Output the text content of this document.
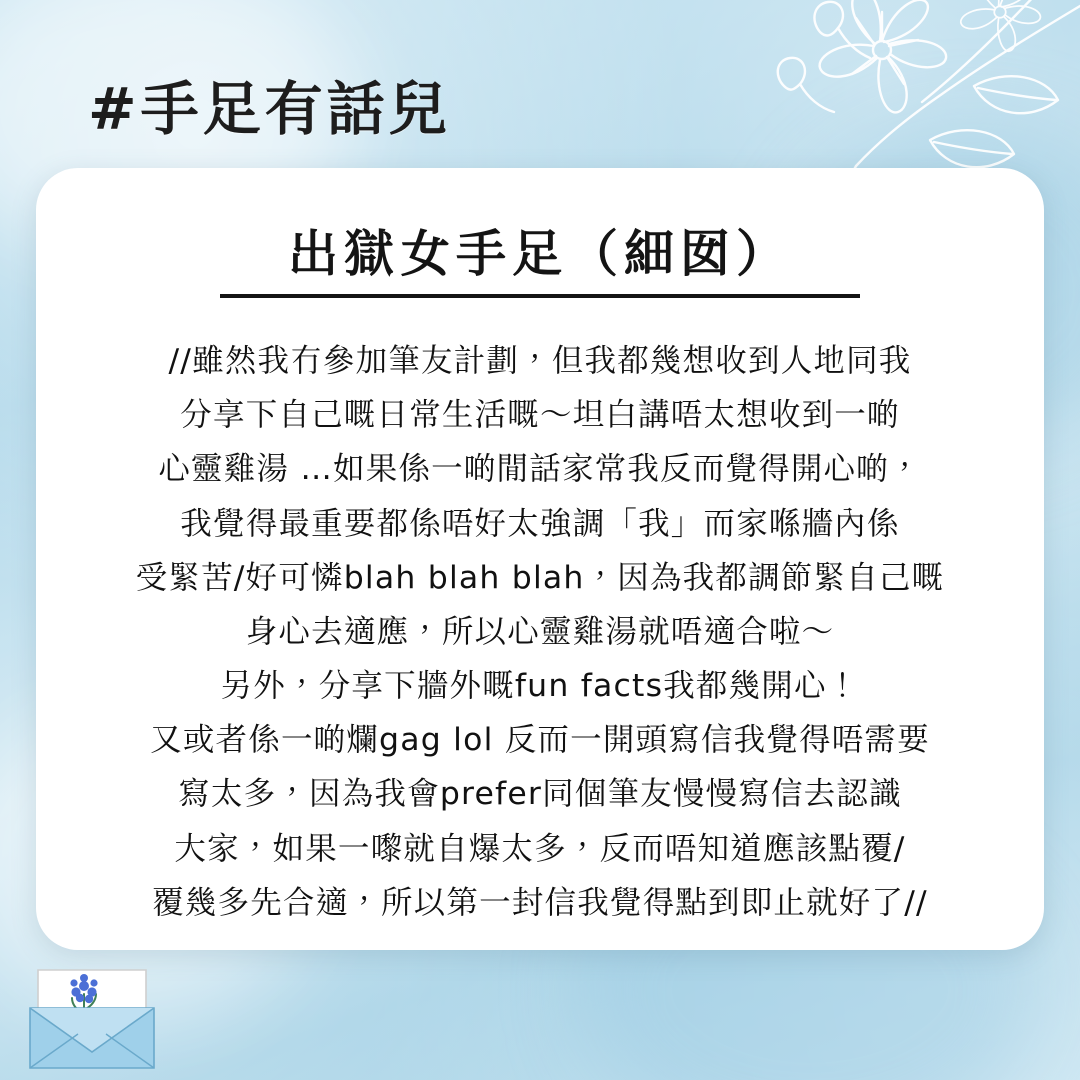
#手足有話兒
出獄女手足（細囡）

//雖然我冇參加筆友計劃，但我都幾想收到人地同我

分享下自己嘅日常生活嘅～坦白講唔太想收到一啲

心靈雞湯 …如果係一啲閒話家常我反而覺得開心啲，

我覺得最重要都係唔好太強調「我」而家喺牆內係

受緊苦/好可憐blah blah blah，因為我都調節緊自己嘅

身心去適應，所以心靈雞湯就唔適合啦～

另外，分享下牆外嘅fun facts我都幾開心！

又或者係一啲爛gag lol 反而一開頭寫信我覺得唔需要

寫太多，因為我會prefer同個筆友慢慢寫信去認識

大家，如果一嚟就自爆太多，反而唔知道應該點覆/

覆幾多先合適，所以第一封信我覺得點到即止就好了//
